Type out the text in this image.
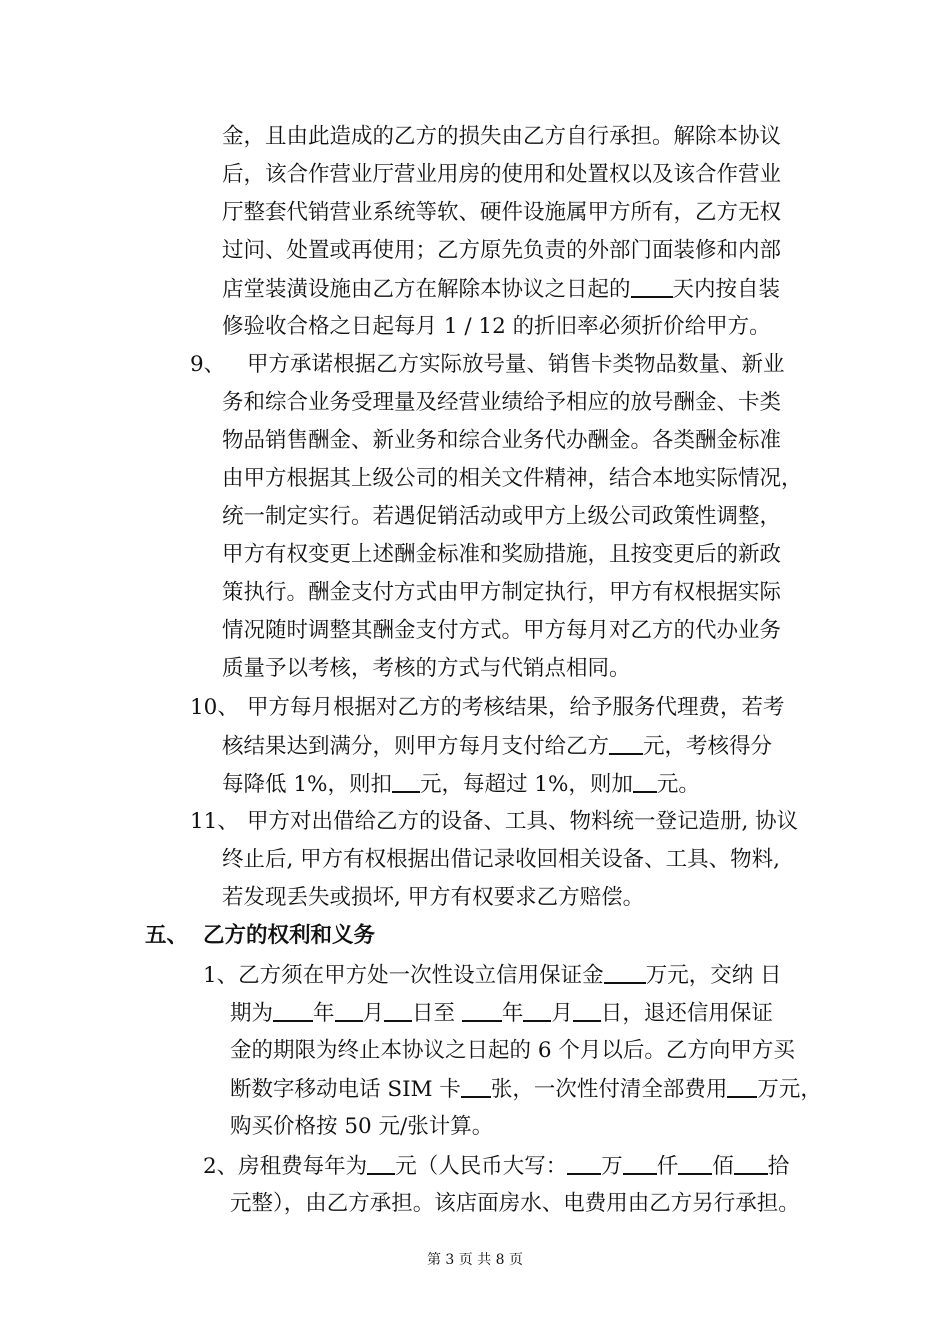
金，且由此造成的乙方的损失由乙方自行承担。解除本协议
后，该合作营业厅营业用房的使用和处置权以及该合作营业
厅整套代销营业系统等软、硬件设施属甲方所有，乙方无权
过问、处置或再使用；乙方原先负责的外部门面装修和内部
店堂装潢设施由乙方在解除本协议之日起的 天内按自装
修验收合格之日起每月 1 / 12 的折旧率必须折价给甲方。
9、 甲方承诺根据乙方实际放号量、销售卡类物品数量、新业
务和综合业务受理量及经营业绩给予相应的放号酬金、卡类
物品销售酬金、新业务和综合业务代办酬金。各类酬金标准
由甲方根据其上级公司的相关文件精神，结合本地实际情况，
统一制定实行。若遇促销活动或甲方上级公司政策性调整，
甲方有权变更上述酬金标准和奖励措施，且按变更后的新政
策执行。酬金支付方式由甲方制定执行，甲方有权根据实际
情况随时调整其酬金支付方式。甲方每月对乙方的代办业务
质量予以考核，考核的方式与代销点相同。
10、 甲方每月根据对乙方的考核结果，给予服务代理费，若考
核结果达到满分，则甲方每月支付给乙方 元，考核得分
每降低 1%，则扣 元，每超过 1%，则加 元。
11、 甲方对出借给乙方的设备、工具、物料统一登记造册, 协议
终止后, 甲方有权根据出借记录收回相关设备、工具、物料,
若发现丢失或损坏, 甲方有权要求乙方赔偿。
五、 乙方的权利和义务
1、乙方须在甲方处一次性设立信用保证金 万元，交纳 日
期为 年 月 日至 年 月 日，退还信用保证
金的期限为终止本协议之日起的 6 个月以后。乙方向甲方买
断数字移动电话 SIM 卡 张，一次性付清全部费用 万元，
购买价格按 50 元/张计算。
2、房租费每年为 元（人民币大写： 万 仟 佰 拾
元整），由乙方承担。该店面房水、电费用由乙方另行承担。
第 3 页 共 8 页
